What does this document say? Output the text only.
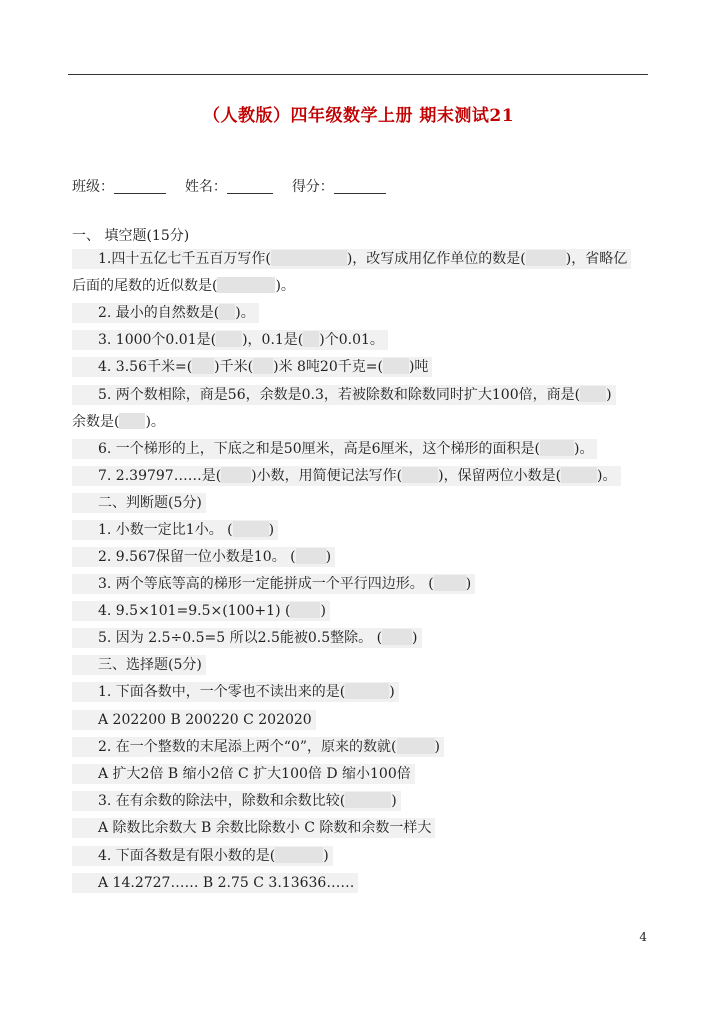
（人教版）四年级数学上册 期末测试21
班级：	姓名：	得分：
一、 填空题(15分)
1.四十五亿七千五百万写作(	)，改写成用亿作单位的数是(	)，省略亿
后面的尾数的近似数是(	)。
2. 最小的自然数是( )。
3. 1000个0.01是( )，0.1是( )个0.01。
4. 3.56千米=( )千米( )米 8吨20千克=( )吨
5. 两个数相除，商是56，余数是0.3，若被除数和除数同时扩大100倍，商是( )
余数是( )。
6. 一个梯形的上，下底之和是50厘米，高是6厘米，这个梯形的面积是( )。
7. 2.39797……是( )小数，用简便记法写作(	)，保留两位小数是(	)。
二、判断题(5分)
1. 小数一定比1小。 (	)
2. 9.567保留一位小数是10。 ( )
3. 两个等底等高的梯形一定能拼成一个平行四边形。 ( )
4. 9.5×101=9.5×(100+1) ( )
5. 因为 2.5÷0.5=5 所以2.5能被0.5整除。 ( )
三、选择题(5分)
1. 下面各数中，一个零也不读出来的是(	)
A 202200 B 200220 C 202020
2. 在一个整数的末尾添上两个“0”，原来的数就(	)
A 扩大2倍 B 缩小2倍 C 扩大100倍 D 缩小100倍
3. 在有余数的除法中，除数和余数比较(	)
A 除数比余数大 B 余数比除数小 C 除数和余数一样大
4. 下面各数是有限小数的是(	)
A 14.2727…… B 2.75 C 3.13636……
4
